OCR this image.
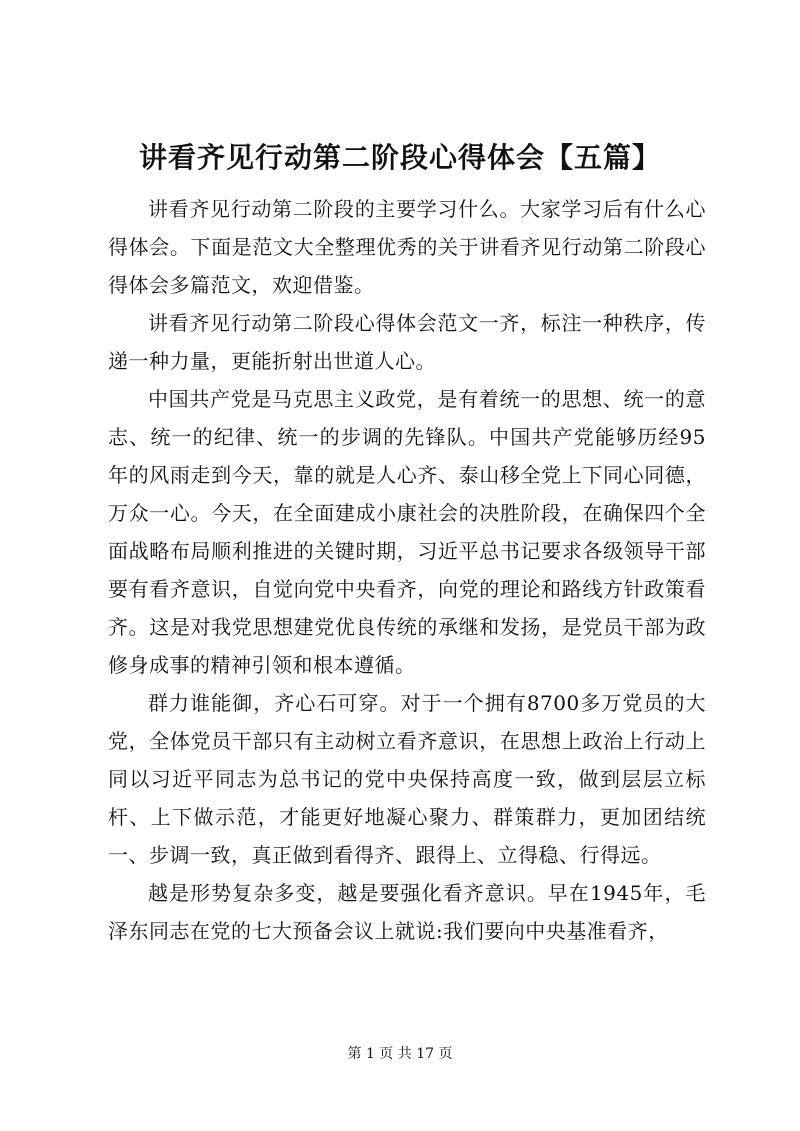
讲看齐见行动第二阶段心得体会【五篇】

讲看齐见行动第二阶段的主要学习什么。大家学习后有什么心得体会。下面是范文大全整理优秀的关于讲看齐见行动第二阶段心得体会多篇范文，欢迎借鉴。

讲看齐见行动第二阶段心得体会范文一齐，标注一种秩序，传递一种力量，更能折射出世道人心。

中国共产党是马克思主义政党，是有着统一的思想、统一的意志、统一的纪律、统一的步调的先锋队。中国共产党能够历经95年的风雨走到今天，靠的就是人心齐、泰山移全党上下同心同德，万众一心。今天，在全面建成小康社会的决胜阶段，在确保四个全面战略布局顺利推进的关键时期，习近平总书记要求各级领导干部要有看齐意识，自觉向党中央看齐，向党的理论和路线方针政策看齐。这是对我党思想建党优良传统的承继和发扬，是党员干部为政修身成事的精神引领和根本遵循。

群力谁能御，齐心石可穿。对于一个拥有8700多万党员的大党，全体党员干部只有主动树立看齐意识，在思想上政治上行动上同以习近平同志为总书记的党中央保持高度一致，做到层层立标杆、上下做示范，才能更好地凝心聚力、群策群力，更加团结统一、步调一致，真正做到看得齐、跟得上、立得稳、行得远。

越是形势复杂多变，越是要强化看齐意识。早在1945年，毛泽东同志在党的七大预备会议上就说:我们要向中央基准看齐，

第 1 页 共 17 页
